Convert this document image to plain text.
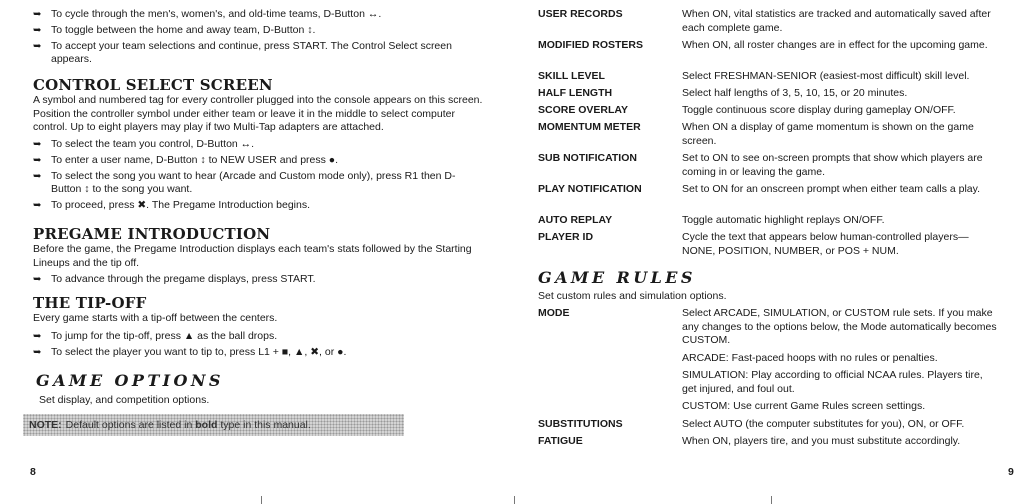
➥ To cycle through the men's, women's, and old-time teams, D-Button ↔.
➥ To toggle between the home and away team, D-Button ↕.
➥ To accept your team selections and continue, press START. The Control Select screen appears.
CONTROL SELECT SCREEN
A symbol and numbered tag for every controller plugged into the console appears on this screen. Position the controller symbol under either team or leave it in the middle to select computer control. Up to eight players may play if two Multi-Tap adapters are attached.
➥ To select the team you control, D-Button ↔.
➥ To enter a user name, D-Button ↕ to NEW USER and press ●.
➥ To select the song you want to hear (Arcade and Custom mode only), press R1 then D-Button ↕ to the song you want.
➥ To proceed, press ✖. The Pregame Introduction begins.
PREGAME INTRODUCTION
Before the game, the Pregame Introduction displays each team's stats followed by the Starting Lineups and the tip off.
➥ To advance through the pregame displays, press START.
THE TIP-OFF
Every game starts with a tip-off between the centers.
➥ To jump for the tip-off, press ▲ as the ball drops.
➥ To select the player you want to tip to, press L1 + ■, ▲, ✖, or ●.
GAME OPTIONS
Set display, and competition options.
NOTE: Default options are listed in
bold
type in this manual.
8
USER RECORDS	When ON, vital statistics are tracked and automatically saved after each complete game.
MODIFIED ROSTERS	When ON, all roster changes are in effect for the upcoming game.
SKILL LEVEL	Select FRESHMAN-SENIOR (easiest-most difficult) skill level.
HALF LENGTH	Select half lengths of 3, 5, 10, 15, or 20 minutes.
SCORE OVERLAY	Toggle continuous score display during gameplay ON/OFF.
MOMENTUM METER	When ON a display of game momentum is shown on the game screen.
SUB NOTIFICATION	Set to ON to see on-screen prompts that show which players are coming in or leaving the game.
PLAY NOTIFICATION	Set to ON for an onscreen prompt when either team calls a play.
AUTO REPLAY	Toggle automatic highlight replays ON/OFF.
PLAYER ID	Cycle the text that appears below human-controlled players—NONE, POSITION, NUMBER, or POS + NUM.
GAME RULES
Set custom rules and simulation options.
MODE	Select ARCADE, SIMULATION, or CUSTOM rule sets. If you make any changes to the options below, the Mode automatically becomes CUSTOM.
ARCADE: Fast-paced hoops with no rules or penalties.
SIMULATION: Play according to official NCAA rules. Players tire, get injured, and foul out.
CUSTOM: Use current Game Rules screen settings.
SUBSTITUTIONS	Select AUTO (the computer substitutes for you), ON, or OFF.
FATIGUE	When ON, players tire, and you must substitute accordingly.
9
